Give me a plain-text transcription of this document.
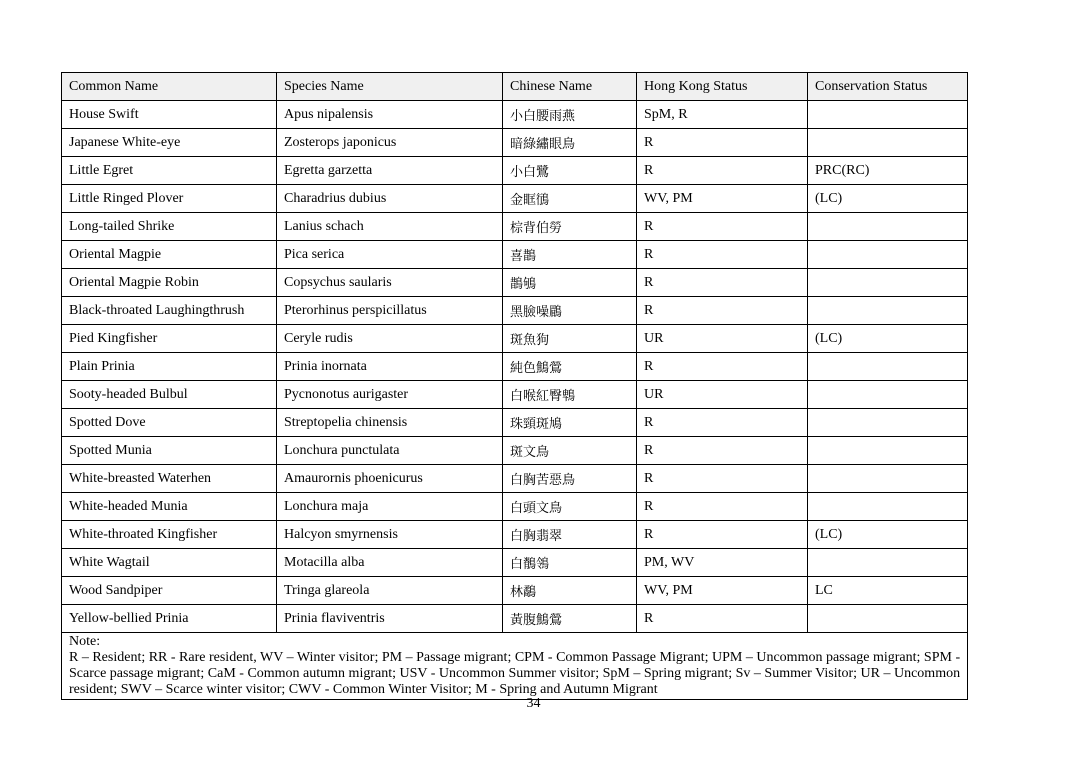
Common Name	Species Name	Chinese Name	Hong Kong Status	Conservation Status
House Swift	Apus nipalensis	小白腰雨燕	SpM, R	
Japanese White-eye	Zosterops japonicus	暗綠繡眼鳥	R	
Little Egret	Egretta garzetta	小白鷺	R	PRC(RC)
Little Ringed Plover	Charadrius dubius	金眶鴴	WV, PM	(LC)
Long-tailed Shrike	Lanius schach	棕背伯勞	R	
Oriental Magpie	Pica serica	喜鵲	R	
Oriental Magpie Robin	Copsychus saularis	鵲鴝	R	
Black-throated Laughingthrush	Pterorhinus perspicillatus	黑臉噪鶥	R	
Pied Kingfisher	Ceryle rudis	斑魚狗	UR	(LC)
Plain Prinia	Prinia inornata	純色鷦鶯	R	
Sooty-headed Bulbul	Pycnonotus aurigaster	白喉紅臀鵯	UR	
Spotted Dove	Streptopelia chinensis	珠頸斑鳩	R	
Spotted Munia	Lonchura punctulata	斑文鳥	R	
White-breasted Waterhen	Amaurornis phoenicurus	白胸苦惡鳥	R	
White-headed Munia	Lonchura maja	白頭文鳥	R	
White-throated Kingfisher	Halcyon smyrnensis	白胸翡翠	R	(LC)
White Wagtail	Motacilla alba	白鶺鴒	PM, WV	
Wood Sandpiper	Tringa glareola	林鷸	WV, PM	LC
Yellow-bellied Prinia	Prinia flaviventris	黃腹鷦鶯	R	

Note:
R – Resident; RR - Rare resident, WV – Winter visitor; PM – Passage migrant; CPM - Common Passage Migrant; UPM – Uncommon passage migrant; SPM - Scarce passage migrant; CaM - Common autumn migrant; USV - Uncommon Summer visitor; SpM – Spring migrant; Sv – Summer Visitor; UR – Uncommon resident; SWV – Scarce winter visitor; CWV - Common Winter Visitor; M - Spring and Autumn Migrant				
34
